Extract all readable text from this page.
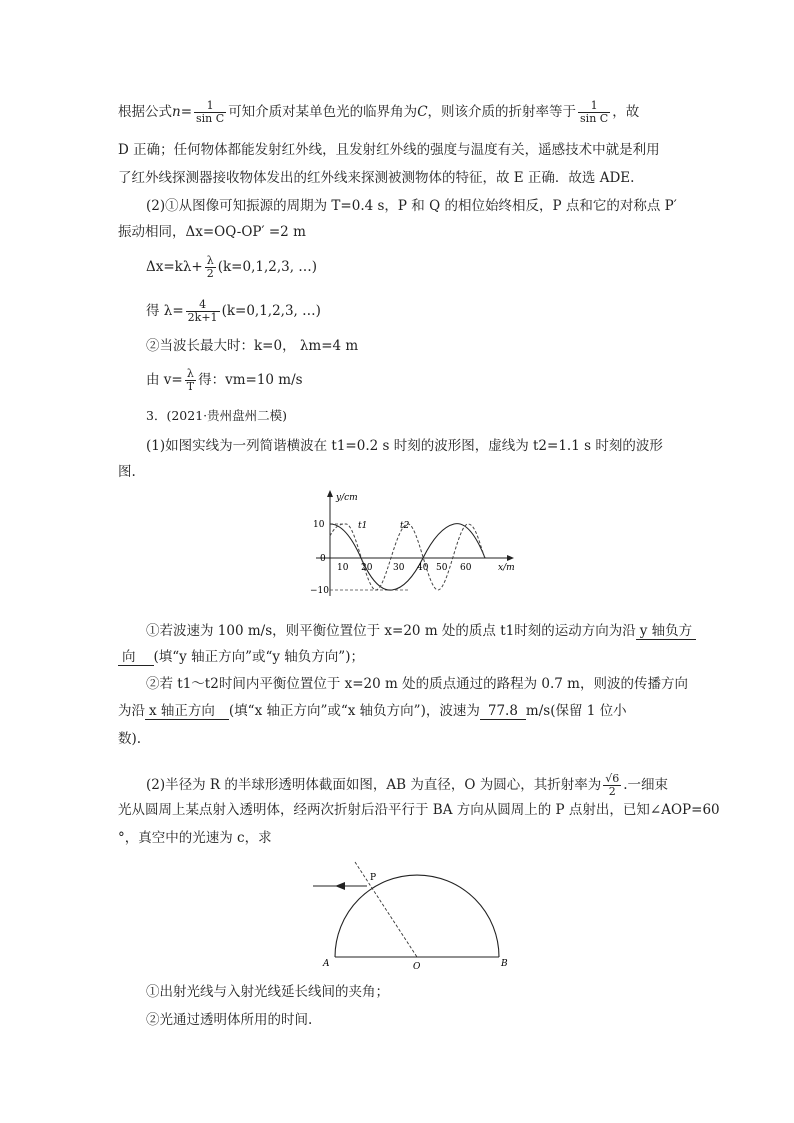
根据公式$n= \frac{1}{\text{sin C}}$ 可知介质对某单色光的临界角为C，则该介质的折射率等于 $\frac{1}{\text{sin C}}$ ，故
D 正确；任何物体都能发射红外线，且发射红外线的强度与温度有关，遥感技术中就是利用
了红外线探测器接收物体发出的红外线来探测被测物体的特征，故 E 正确．故选 ADE.
(2)①从图像可知振源的周期为 T=0.4 s，P 和 Q 的相位始终相反，P 点和它的对称点 P′
振动相同，Δx=OQ-OP′ =2 m
$\Delta x=k\lambda+ \frac{\lambda}{2} (k=0,1,2,3$, …)
得 $\lambda= \frac{4}{2k+1} (k=0,1,2,3$, …)
②当波长最大时：k=0， λm=4 m
由 $v= \frac{\lambda}{T}$ 得：vm=10 m/s
3．(2021·贵州盘州二模)
(1)如图实线为一列简谐横波在 t1=0.2 s 时刻的波形图，虚线为 t2=1.1 s 时刻的波形
图.
y/cm
x/m
10
0
−10
10 20 30 40 50 60
t1	t2
①若波速为 100 m/s，则平衡位置位于 x=20 m 处的质点 t1时刻的运动方向为沿 y 轴负方
向 (填“y 轴正方向”或“y 轴负方向”)；
②若 t1～t2时间内平衡位置位于 x=20 m 处的质点通过的路程为 0.7 m，则波的传播方向
为沿 x 轴正方向 (填“x 轴正方向”或“x 轴负方向”)，波速为 77.8 m/s(保留 1 位小
数).
(2)半径为 R 的半球形透明体截面如图，AB 为直径，O 为圆心，其折射率为 $\frac{√6}{2}$ .一细束
光从圆周上某点射入透明体，经两次折射后沿平行于 BA 方向从圆周上的 P 点射出，已知∠AOP=60
°，真空中的光速为 c，求
P
A	O	B
①出射光线与入射光线延长线间的夹角；
②光通过透明体所用的时间.
